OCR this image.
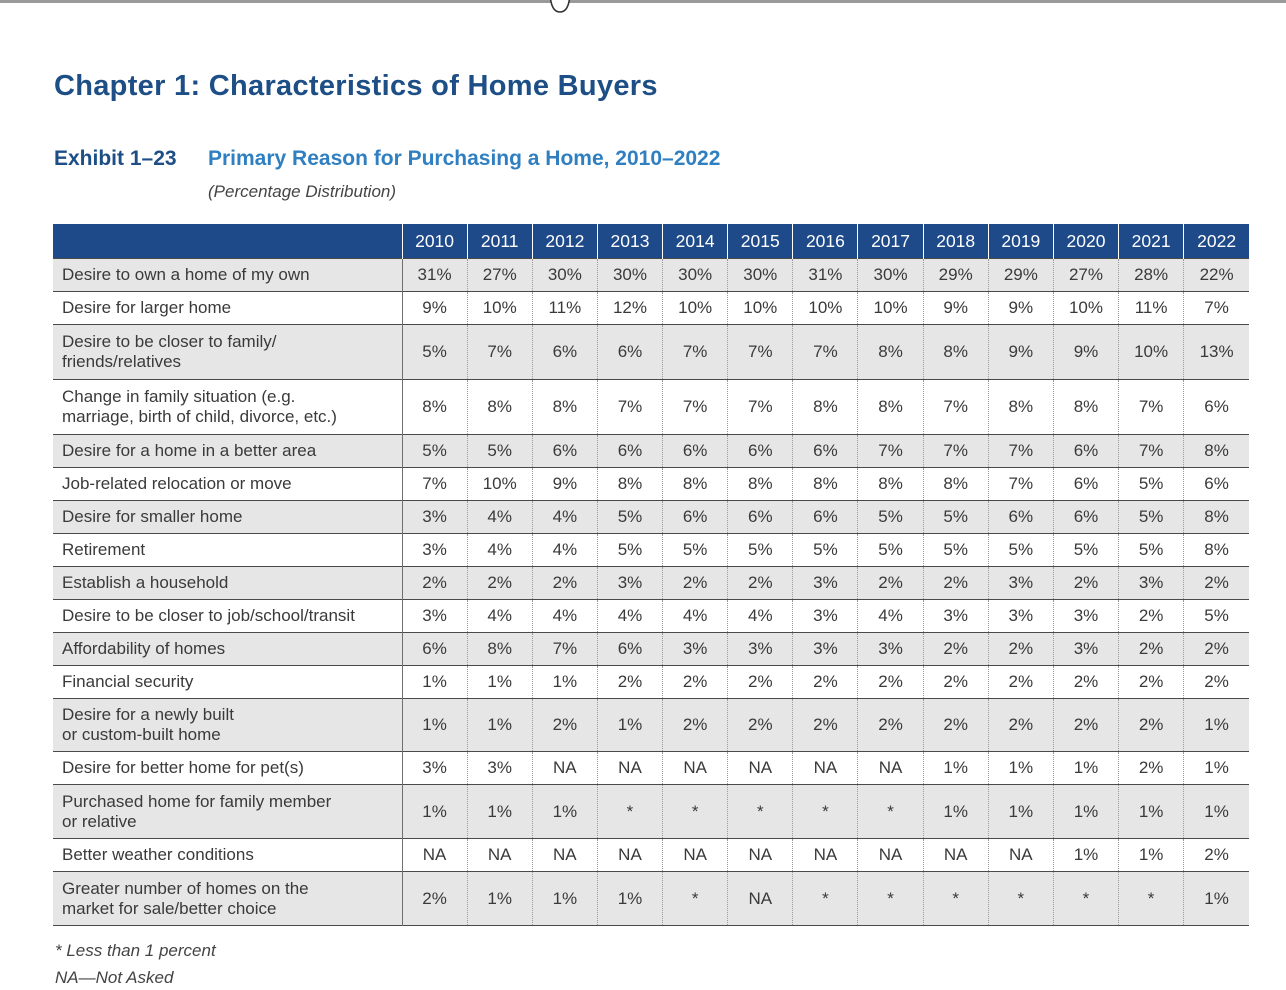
Chapter 1: Characteristics of Home Buyers
Exhibit 1–23 Primary Reason for Purchasing a Home, 2010–2022
(Percentage Distribution)
	2010	2011	2012	2013	2014	2015	2016	2017	2018	2019	2020	2021	2022
Desire to own a home of my own	31%	27%	30%	30%	30%	30%	31%	30%	29%	29%	27%	28%	22%
Desire for larger home	9%	10%	11%	12%	10%	10%	10%	10%	9%	9%	10%	11%	7%
Desire to be closer to family/
friends/relatives	5%	7%	6%	6%	7%	7%	7%	8%	8%	9%	9%	10%	13%
Change in family situation (e.g.
marriage, birth of child, divorce, etc.)	8%	8%	8%	7%	7%	7%	8%	8%	7%	8%	8%	7%	6%
Desire for a home in a better area	5%	5%	6%	6%	6%	6%	6%	7%	7%	7%	6%	7%	8%
Job-related relocation or move	7%	10%	9%	8%	8%	8%	8%	8%	8%	7%	6%	5%	6%
Desire for smaller home	3%	4%	4%	5%	6%	6%	6%	5%	5%	6%	6%	5%	8%
Retirement	3%	4%	4%	5%	5%	5%	5%	5%	5%	5%	5%	5%	8%
Establish a household	2%	2%	2%	3%	2%	2%	3%	2%	2%	3%	2%	3%	2%
Desire to be closer to job/school/transit	3%	4%	4%	4%	4%	4%	3%	4%	3%	3%	3%	2%	5%
Affordability of homes	6%	8%	7%	6%	3%	3%	3%	3%	2%	2%	3%	2%	2%
Financial security	1%	1%	1%	2%	2%	2%	2%	2%	2%	2%	2%	2%	2%
Desire for a newly built
or custom-built home	1%	1%	2%	1%	2%	2%	2%	2%	2%	2%	2%	2%	1%
Desire for better home for pet(s)	3%	3%	NA	NA	NA	NA	NA	NA	1%	1%	1%	2%	1%
Purchased home for family member
or relative	1%	1%	1%	*	*	*	*	*	1%	1%	1%	1%	1%
Better weather conditions	NA	NA	NA	NA	NA	NA	NA	NA	NA	NA	1%	1%	2%
Greater number of homes on the
market for sale/better choice	2%	1%	1%	1%	*	NA	*	*	*	*	*	*	1%
* Less than 1 percent
NA—Not Asked
